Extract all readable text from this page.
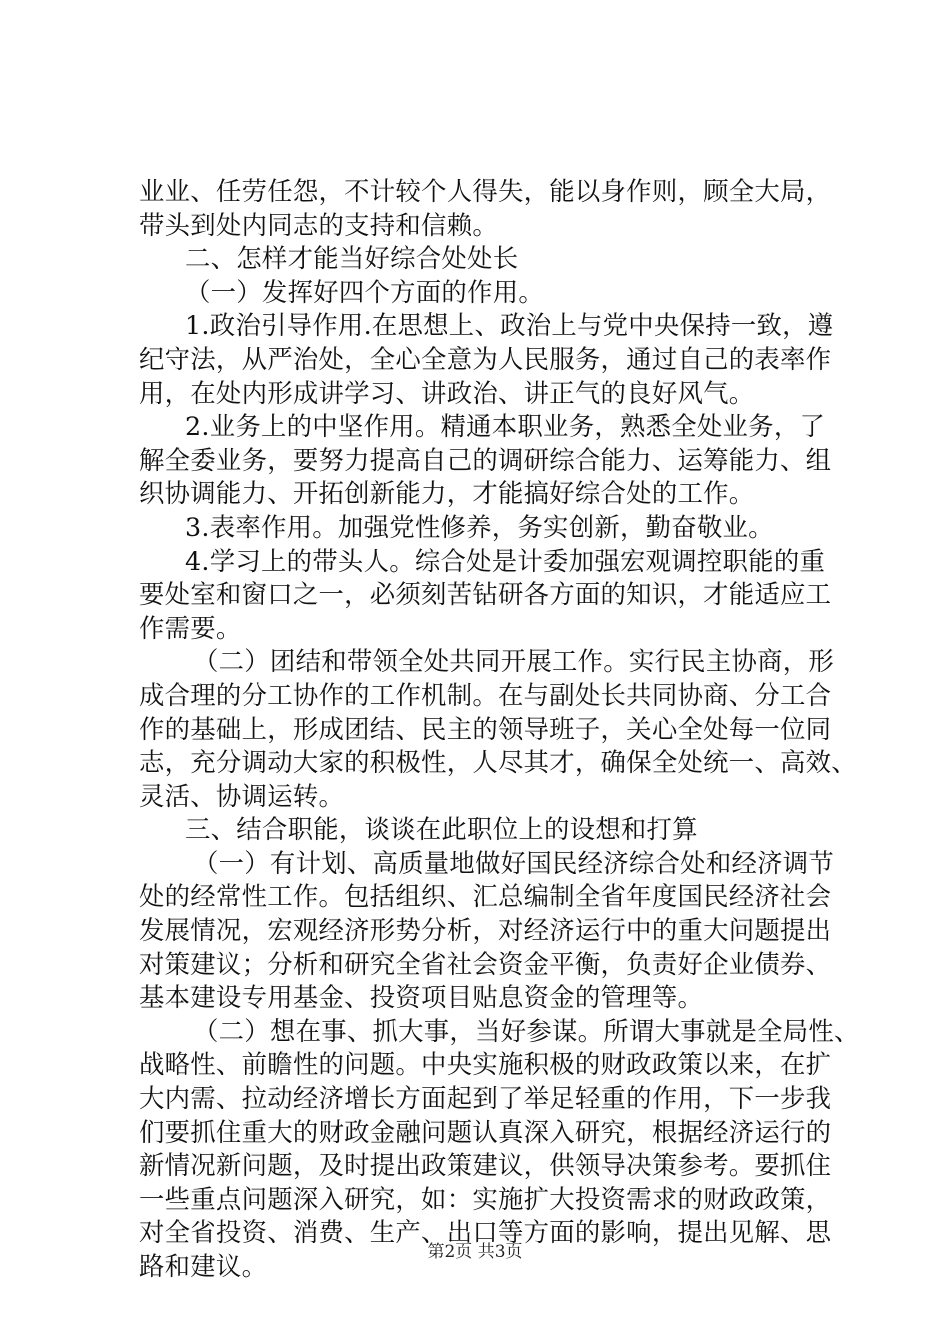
业业、任劳任怨，不计较个人得失，能以身作则，顾全大局，
带头到处内同志的支持和信赖。
二、怎样才能当好综合处处长
（一）发挥好四个方面的作用。
1.政治引导作用.在思想上、政治上与党中央保持一致，遵
纪守法，从严治处，全心全意为人民服务，通过自己的表率作
用，在处内形成讲学习、讲政治、讲正气的良好风气。
2.业务上的中坚作用。精通本职业务，熟悉全处业务，了
解全委业务，要努力提高自己的调研综合能力、运筹能力、组
织协调能力、开拓创新能力，才能搞好综合处的工作。
3.表率作用。加强党性修养，务实创新，勤奋敬业。
4.学习上的带头人。综合处是计委加强宏观调控职能的重
要处室和窗口之一，必须刻苦钻研各方面的知识，才能适应工
作需要。
（二）团结和带领全处共同开展工作。实行民主协商，形
成合理的分工协作的工作机制。在与副处长共同协商、分工合
作的基础上，形成团结、民主的领导班子，关心全处每一位同
志，充分调动大家的积极性，人尽其才，确保全处统一、高效、
灵活、协调运转。
三、结合职能，谈谈在此职位上的设想和打算
（一）有计划、高质量地做好国民经济综合处和经济调节
处的经常性工作。包括组织、汇总编制全省年度国民经济社会
发展情况，宏观经济形势分析，对经济运行中的重大问题提出
对策建议；分析和研究全省社会资金平衡，负责好企业债券、
基本建设专用基金、投资项目贴息资金的管理等。
（二）想在事、抓大事，当好参谋。所谓大事就是全局性、
战略性、前瞻性的问题。中央实施积极的财政政策以来，在扩
大内需、拉动经济增长方面起到了举足轻重的作用，下一步我
们要抓住重大的财政金融问题认真深入研究，根据经济运行的
新情况新问题，及时提出政策建议，供领导决策参考。要抓住
一些重点问题深入研究，如：实施扩大投资需求的财政政策，
对全省投资、消费、生产、出口等方面的影响，提出见解、思
路和建议。	第2页 共3页
